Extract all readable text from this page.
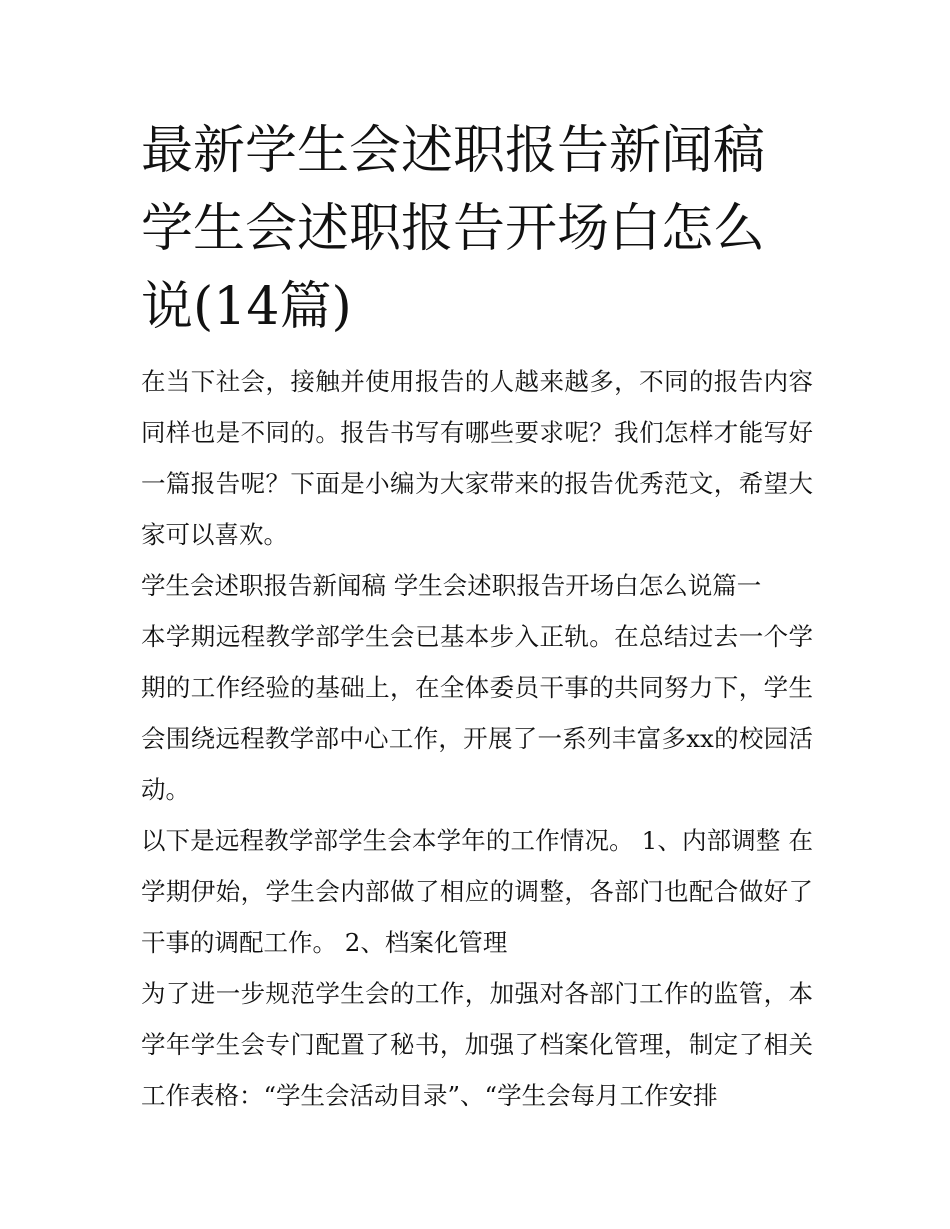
最新学生会述职报告新闻稿 学生会述职报告开场白怎么说(14篇)

在当下社会，接触并使用报告的人越来越多，不同的报告内容同样也是不同的。报告书写有哪些要求呢？我们怎样才能写好一篇报告呢？下面是小编为大家带来的报告优秀范文，希望大家可以喜欢。

学生会述职报告新闻稿 学生会述职报告开场白怎么说篇一

本学期远程教学部学生会已基本步入正轨。在总结过去一个学期的工作经验的基础上，在全体委员干事的共同努力下，学生会围绕远程教学部中心工作，开展了一系列丰富多xx的校园活动。

以下是远程教学部学生会本学年的工作情况。 1、内部调整 在学期伊始，学生会内部做了相应的调整，各部门也配合做好了干事的调配工作。 2、档案化管理

为了进一步规范学生会的工作，加强对各部门工作的监管，本学年学生会专门配置了秘书，加强了档案化管理，制定了相关工作表格：“学生会活动目录”、“学生会每月工作安排
